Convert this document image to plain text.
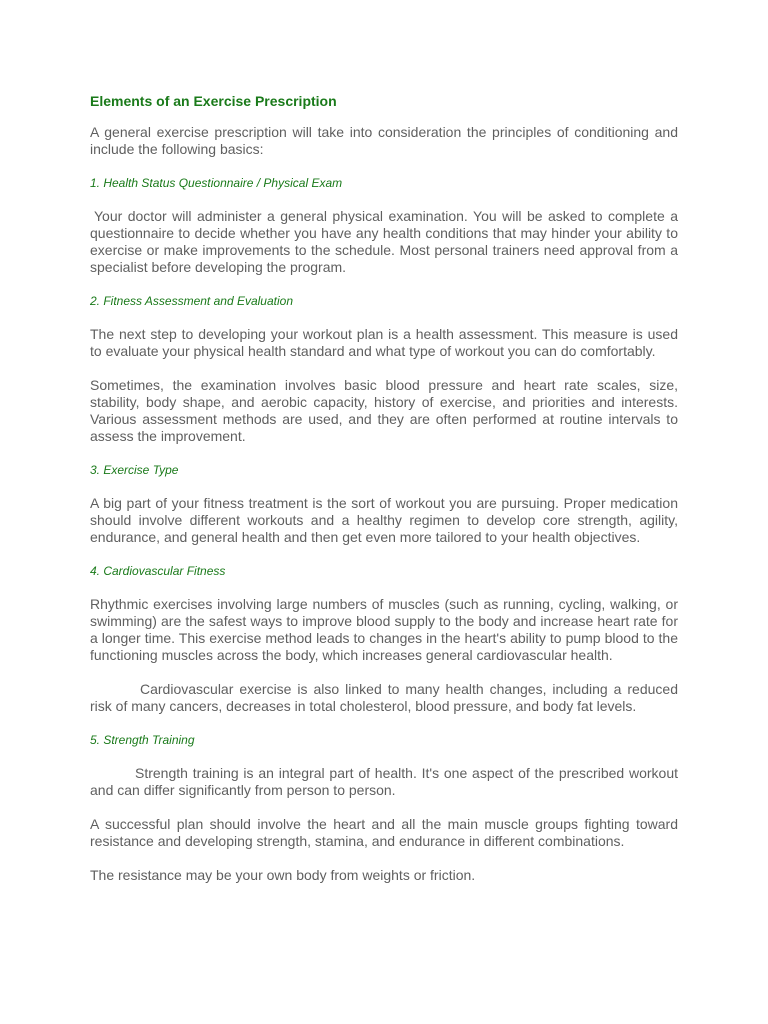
Elements of an Exercise Prescription

A general exercise prescription will take into consideration the principles of conditioning and include the following basics:

1. Health Status Questionnaire / Physical Exam

Your doctor will administer a general physical examination. You will be asked to complete a questionnaire to decide whether you have any health conditions that may hinder your ability to exercise or make improvements to the schedule. Most personal trainers need approval from a specialist before developing the program.

2. Fitness Assessment and Evaluation

The next step to developing your workout plan is a health assessment. This measure is used to evaluate your physical health standard and what type of workout you can do comfortably.

Sometimes, the examination involves basic blood pressure and heart rate scales, size, stability, body shape, and aerobic capacity, history of exercise, and priorities and interests. Various assessment methods are used, and they are often performed at routine intervals to assess the improvement.

3. Exercise Type

A big part of your fitness treatment is the sort of workout you are pursuing. Proper medication should involve different workouts and a healthy regimen to develop core strength, agility, endurance, and general health and then get even more tailored to your health objectives.

4. Cardiovascular Fitness

Rhythmic exercises involving large numbers of muscles (such as running, cycling, walking, or swimming) are the safest ways to improve blood supply to the body and increase heart rate for a longer time. This exercise method leads to changes in the heart's ability to pump blood to the functioning muscles across the body, which increases general cardiovascular health.

Cardiovascular exercise is also linked to many health changes, including a reduced risk of many cancers, decreases in total cholesterol, blood pressure, and body fat levels.

5. Strength Training

Strength training is an integral part of health. It's one aspect of the prescribed workout and can differ significantly from person to person.

A successful plan should involve the heart and all the main muscle groups fighting toward resistance and developing strength, stamina, and endurance in different combinations.

The resistance may be your own body from weights or friction.
